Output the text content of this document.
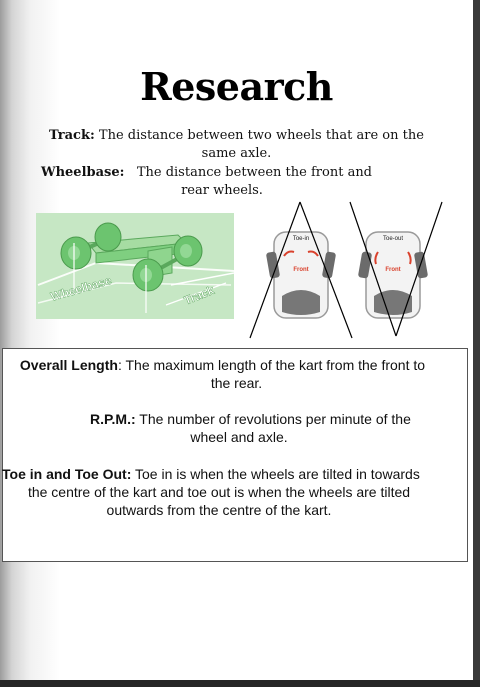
Research
Track: The distance between two wheels that are on the
same axle.
Wheelbase: The distance between the front and
rear wheels.
Wheelbase	Track
Front
Toe-in
Front
Toe-out
Overall Length: The maximum length of the kart from the front to
the rear.
R.P.M.: The number of revolutions per minute of the
wheel and axle.
Toe in and Toe Out: Toe in is when the wheels are tilted in towards
the centre of the kart and toe out is when the wheels are tilted
outwards from the centre of the kart.
